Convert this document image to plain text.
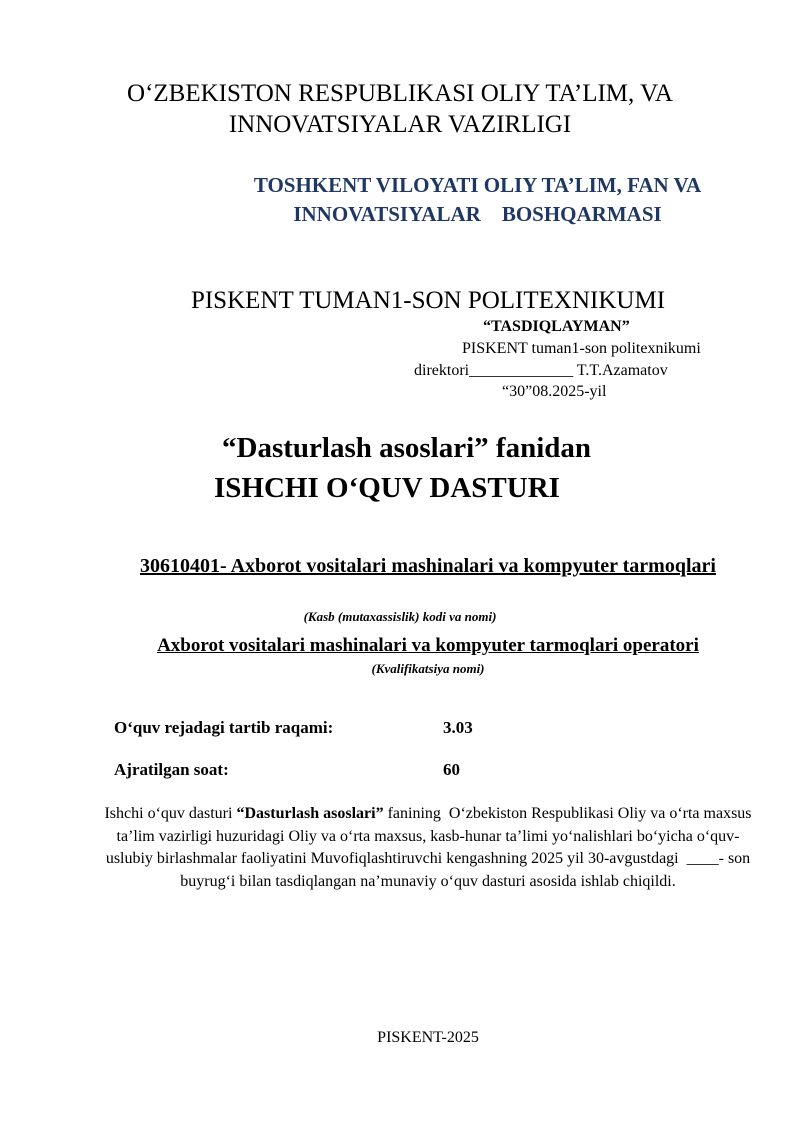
O‘ZBEKISTON RESPUBLIKASI OLIY TA’LIM, VA
INNOVATSIYALAR VAZIRLIGI
TOSHKENT VILOYATI OLIY TA’LIM, FAN VA
INNOVATSIYALAR    BOSHQARMASI
PISKENT TUMAN1-SON POLITEXNIKUMI
“TASDIQLAYMAN”
PISKENT tuman1-son politexnikumi
direktori_____________ T.T.Azamatov
“30”08.2025-yil
“Dasturlash asoslari” fanidan
ISHCHI O‘QUV DASTURI
30610401- Axborot vositalari mashinalari va kompyuter tarmoqlari
(Kasb (mutaxassislik) kodi va nomi)
Axborot vositalari mashinalari va kompyuter tarmoqlari operatori
(Kvalifikatsiya nomi)
O‘quv rejadagi tartib raqami:	3.03
Ajratilgan soat:	60
Ishchi o‘quv dasturi “Dasturlash asoslari” fanining  O‘zbekiston Respublikasi Oliy va o‘rta maxsus ta’lim vazirligi huzuridagi Oliy va o‘rta maxsus, kasb-hunar ta’limi yo‘nalishlari bo‘yicha o‘quv-uslubiy birlashmalar faoliyatini Muvofiqlashtiruvchi kengashning 2025 yil 30-avgustdagi  ____- son buyrug‘i bilan tasdiqlangan na’munaviy o‘quv dasturi asosida ishlab chiqildi.
PISKENT-2025
